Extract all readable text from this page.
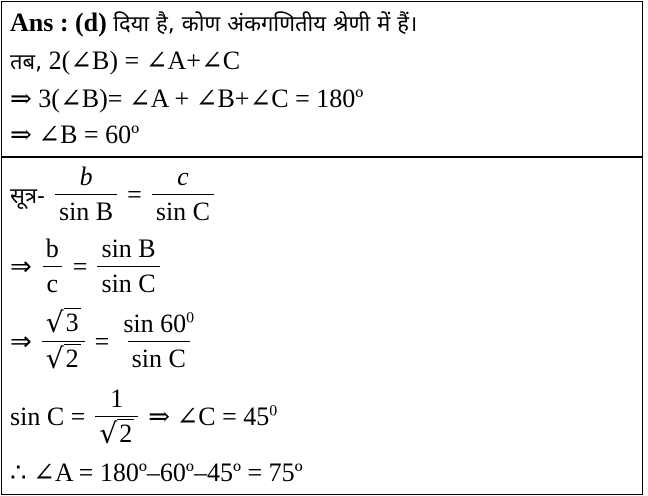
Ans : (d) दिया है, कोण अंकगणितीय श्रेणी में हैं।
तब, 2(∠B) = ∠A+∠C
⇒ 3(∠B)= ∠A + ∠B+∠C = 180º
⇒ ∠B = 60º
सूत्र- $\frac{b}{\text{sin B}} = \frac{c}{\text{sin C}}$
⇒ $\frac{b}{c} = \frac{\text{sin B}}{\text{sin C}}$
⇒ $\frac{√ 3}{√ 2} = \frac{\sin 60^0}{\text{sin C}}$
$\sin C = \frac{1}{√ 2}$ ⇒ ∠C = $45^0$
∴ ∠A = 180º–60º–45º = 75º
